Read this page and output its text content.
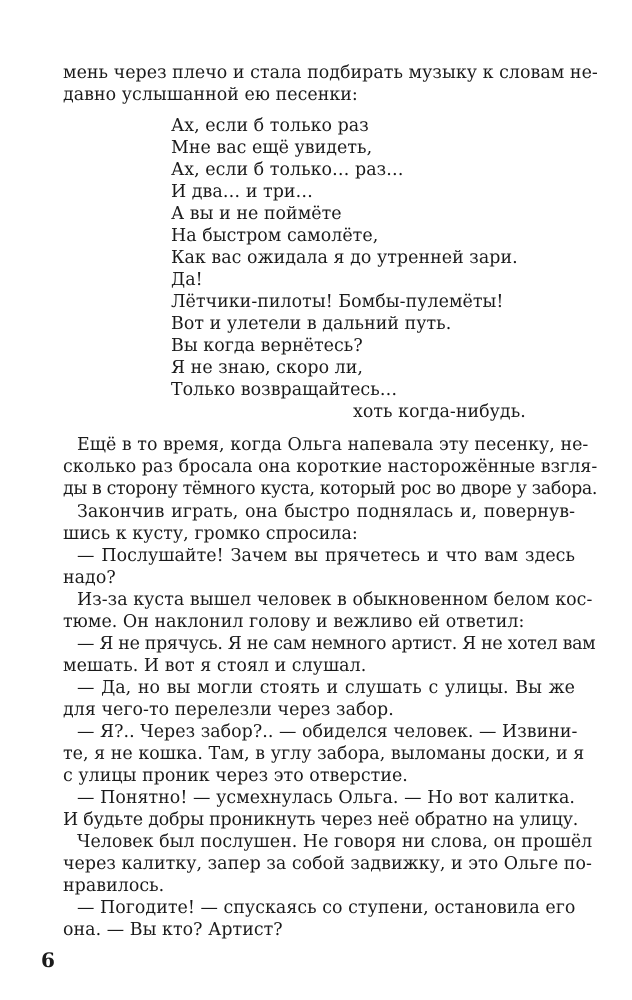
мень через плечо и стала подбирать музыку к словам не-
давно услышанной ею песенки:
Ах, если б только раз
Мне вас ещё увидеть,
Ах, если б только… раз…
И два… и три…
А вы и не поймёте
На быстром самолёте,
Как вас ожидала я до утренней зари.
Да!
Лётчики-пилоты! Бомбы-пулемёты!
Вот и улетели в дальний путь.
Вы когда вернётесь?
Я не знаю, скоро ли,
Только возвращайтесь…
хоть когда-нибудь.
Ещё в то время, когда Ольга напевала эту песенку, не-
сколько раз бросала она короткие насторожённые взгля-
ды в сторону тёмного куста, который рос во дворе у забора.
Закончив играть, она быстро поднялась и, повернув-
шись к кусту, громко спросила:
— Послушайте! Зачем вы прячетесь и что вам здесь
надо?
Из-за куста вышел человек в обыкновенном белом кос-
тюме. Он наклонил голову и вежливо ей ответил:
— Я не прячусь. Я не сам немного артист. Я не хотел вам
мешать. И вот я стоял и слушал.
— Да, но вы могли стоять и слушать с улицы. Вы же
для чего-то перелезли через забор.
— Я?.. Через забор?.. — обиделся человек. — Извини-
те, я не кошка. Там, в углу забора, выломаны доски, и я
с улицы проник через это отверстие.
— Понятно! — усмехнулась Ольга. — Но вот калитка.
И будьте добры проникнуть через неё обратно на улицу.
Человек был послушен. Не говоря ни слова, он прошёл
через калитку, запер за собой задвижку, и это Ольге по-
нравилось.
— Погодите! — спускаясь со ступени, остановила его
она. — Вы кто? Артист?
6
